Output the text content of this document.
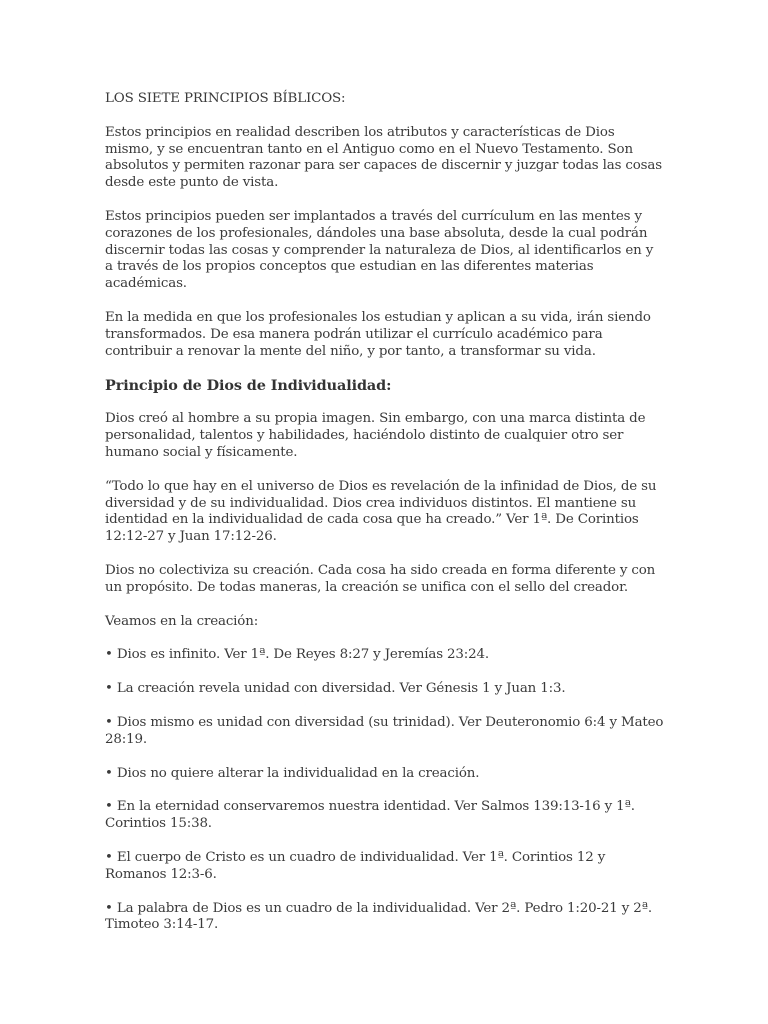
LOS SIETE PRINCIPIOS BÍBLICOS:

Estos principios en realidad describen los atributos y características de Dios mismo, y se encuentran tanto en el Antiguo como en el Nuevo Testamento. Son absolutos y permiten razonar para ser capaces de discernir y juzgar todas las cosas desde este punto de vista.

Estos principios pueden ser implantados a través del currículum en las mentes y corazones de los profesionales, dándoles una base absoluta, desde la cual podrán discernir todas las cosas y comprender la naturaleza de Dios, al identificarlos en y a través de los propios conceptos que estudian en las diferentes materias académicas.

En la medida en que los profesionales los estudian y aplican a su vida, irán siendo transformados. De esa manera podrán utilizar el currículo académico para contribuir a renovar la mente del niño, y por tanto, a transformar su vida.

Principio de Dios de Individualidad:

Dios creó al hombre a su propia imagen. Sin embargo, con una marca distinta de personalidad, talentos y habilidades, haciéndolo distinto de cualquier otro ser humano social y físicamente.

“Todo lo que hay en el universo de Dios es revelación de la infinidad de Dios, de su diversidad y de su individualidad. Dios crea individuos distintos. El mantiene su identidad en la individualidad de cada cosa que ha creado.” Ver 1ª. De Corintios 12:12-27 y Juan 17:12-26.

Dios no colectiviza su creación. Cada cosa ha sido creada en forma diferente y con un propósito. De todas maneras, la creación se unifica con el sello del creador.

Veamos en la creación:

• Dios es infinito. Ver 1ª. De Reyes 8:27 y Jeremías 23:24.

• La creación revela unidad con diversidad. Ver Génesis 1 y Juan 1:3.

• Dios mismo es unidad con diversidad (su trinidad). Ver Deuteronomio 6:4 y Mateo 28:19.

• Dios no quiere alterar la individualidad en la creación.

• En la eternidad conservaremos nuestra identidad. Ver Salmos 139:13-16 y 1ª. Corintios 15:38.

• El cuerpo de Cristo es un cuadro de individualidad. Ver 1ª. Corintios 12 y Romanos 12:3-6.

• La palabra de Dios es un cuadro de la individualidad. Ver 2ª. Pedro 1:20-21 y 2ª. Timoteo 3:14-17.
